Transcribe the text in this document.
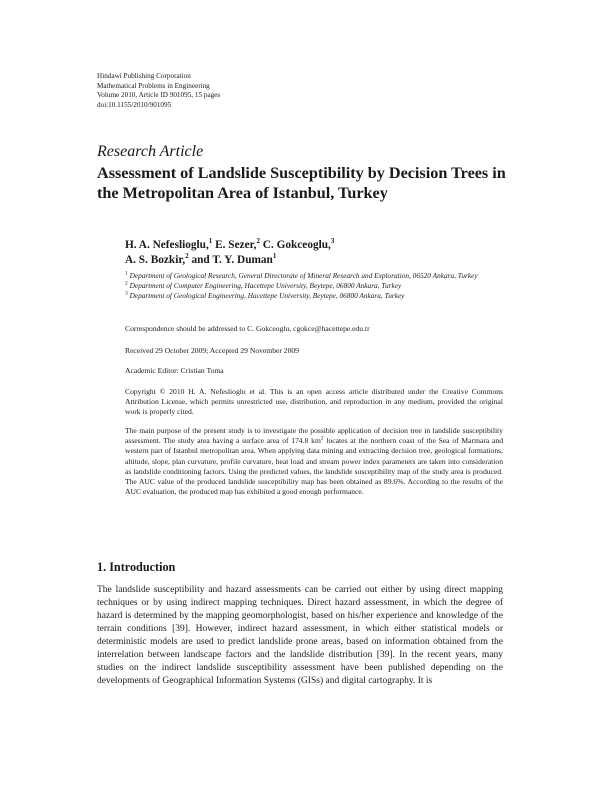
Hindawi Publishing Corporation
Mathematical Problems in Engineering
Volume 2010, Article ID 901095, 15 pages
doi:10.1155/2010/901095
Research Article
Assessment of Landslide Susceptibility by Decision Trees in the Metropolitan Area of Istanbul, Turkey
H. A. Nefeslioglu,$^1$ E. Sezer,$^2$ C. Gokceoglu,$^3$
A. S. Bozkir,$^2$ and T. Y. Duman$^1$
$^1$ Department of Geological Research, General Directorate of Mineral Research and Exploration, 06520 Ankara, Turkey
$^2$ Department of Computer Engineering, Hacettepe University, Beytepe, 06800 Ankara, Turkey
$^3$ Department of Geological Engineering, Hacettepe University, Beytepe, 06800 Ankara, Turkey
Correspondence should be addressed to C. Gokceoglu, cgokce@hacettepe.edu.tr
Received 29 October 2009; Accepted 29 November 2009
Academic Editor: Cristian Toma

Copyright © 2010 H. A. Nefeslioglu et al. This is an open access article distributed under the Creative Commons Attribution License, which permits unrestricted use, distribution, and reproduction in any medium, provided the original work is properly cited.

The main purpose of the present study is to investigate the possible application of decision tree in landslide susceptibility assessment. The study area having a surface area of 174.8 $km^2$ locates at the northern coast of the Sea of Marmara and western part of Istanbul metropolitan area. When applying data mining and extracting decision tree, geological formations, altitude, slope, plan curvature, profile curvature, heat load and stream power index parameters are taken into consideration as landslide conditioning factors. Using the predicted values, the landslide susceptibility map of the study area is produced. The AUC value of the produced landslide susceptibility map has been obtained as 89.6%. According to the results of the AUC evaluation, the produced map has exhibited a good enough performance.

1. Introduction

The landslide susceptibility and hazard assessments can be carried out either by using direct mapping techniques or by using indirect mapping techniques. Direct hazard assessment, in which the degree of hazard is determined by the mapping geomorphologist, based on his/her experience and knowledge of the terrain conditions [39]. However, indirect hazard assessment, in which either statistical models or deterministic models are used to predict landslide prone areas, based on information obtained from the interrelation between landscape factors and the landslide distribution [39]. In the recent years, many studies on the indirect landslide susceptibility assessment have been published depending on the developments of Geographical Information Systems (GISs) and digital cartography. It is
